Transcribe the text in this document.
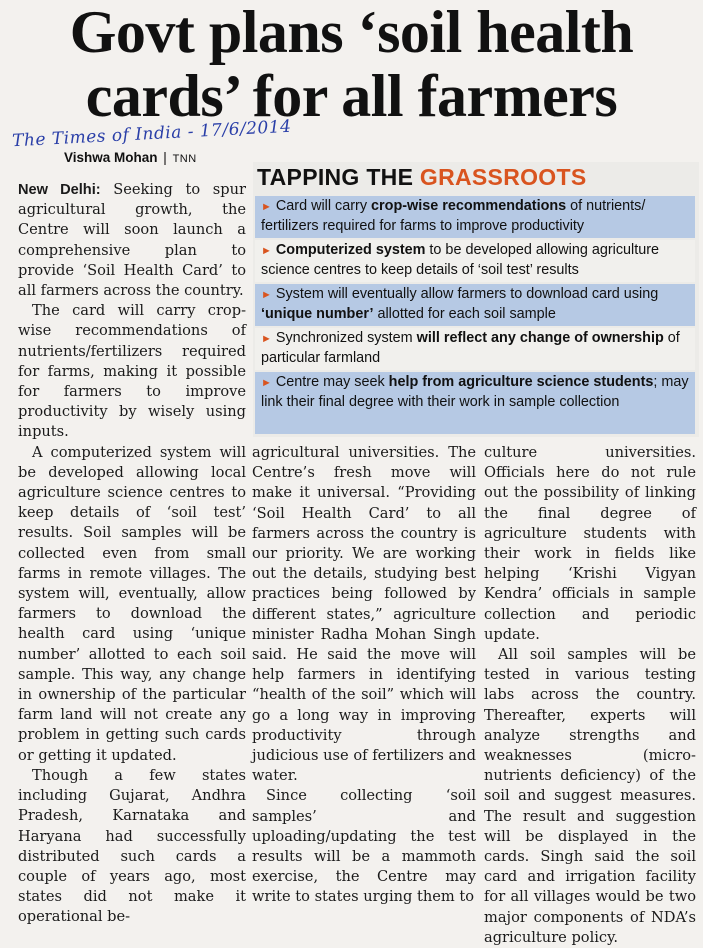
Govt plans ‘soil health
cards’ for all farmers
The Times of India - 17/6/2014
Vishwa Mohan | TNN

New Delhi: Seeking to spur agricultural growth, the Centre will soon launch a comprehensive plan to provide ‘Soil Health Card’ to all farmers across the country.

The card will carry crop-wise recommendations of nutrients/fertilizers required for farms, making it possible for farmers to improve productivity by wisely using inputs.

A computerized system will be developed allowing local agriculture science centres to keep details of ‘soil test’ results. Soil samples will be collected even from small farms in remote villages. The system will, eventually, allow farmers to download the health card using ‘unique number’ allotted to each soil sample. This way, any change in ownership of the particular farm land will not create any problem in getting such cards or getting it updated.

Though a few states including Gujarat, Andhra Pradesh, Karnataka and Haryana had successfully distributed such cards a couple of years ago, most states did not make it operational be-

TAPPING THE GRASSROOTS
► Card will carry crop-wise recommendations of nutrients/ fertilizers required for farms to improve productivity
► Computerized system to be developed allowing agriculture science centres to keep details of ‘soil test’ results
► System will eventually allow farmers to download card using ‘unique number’ allotted for each soil sample
► Synchronized system will reflect any change of ownership of particular farmland
► Centre may seek help from agriculture science students; may link their final degree with their work in sample collection

agricultural universities. The Centre’s fresh move will make it universal. “Providing ‘Soil Health Card’ to all farmers across the country is our priority. We are working out the details, studying best practices being followed by different states,” agriculture minister Radha Mohan Singh said. He said the move will help farmers in identifying “health of the soil” which will go a long way in improving productivity through judicious use of fertilizers and water.

Since collecting ‘soil samples’ and uploading/updating the test results will be a mammoth exercise, the Centre may write to states urging them to

culture universities. Officials here do not rule out the possibility of linking the final degree of agriculture students with their work in fields like helping ‘Krishi Vigyan Kendra’ officials in sample collection and periodic update.

All soil samples will be tested in various testing labs across the country. Thereafter, experts will analyze strengths and weaknesses (micro-nutrients deficiency) of the soil and suggest measures. The result and suggestion will be displayed in the cards. Singh said the soil card and irrigation facility for all villages would be two major components of NDA’s agriculture policy.
